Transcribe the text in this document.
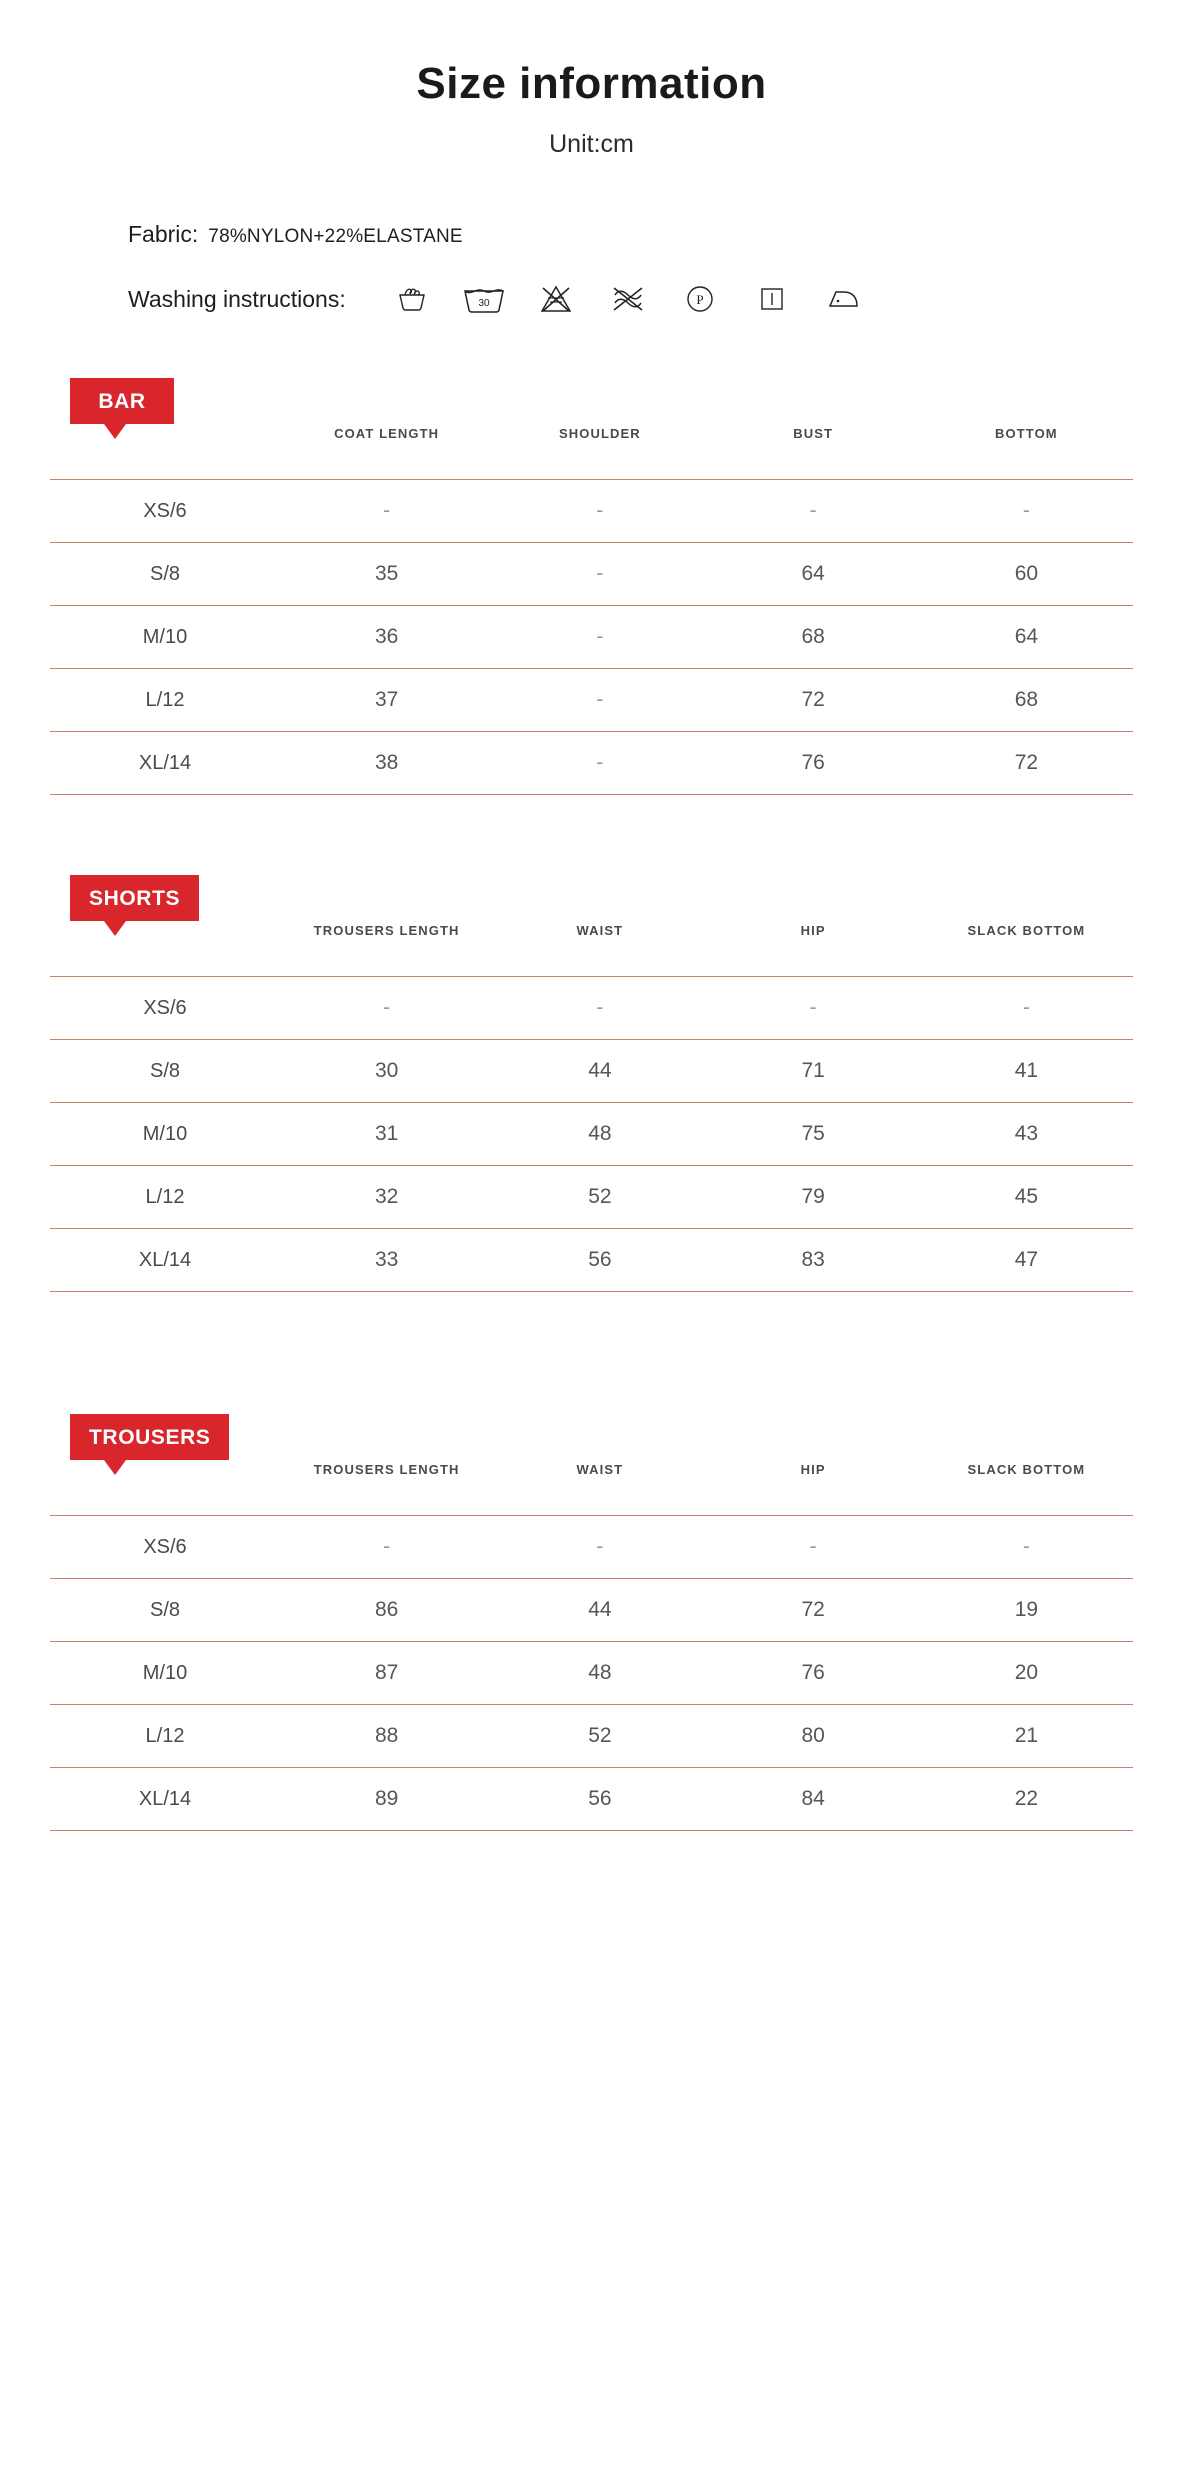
Size information
Unit:cm
Fabric: 78%NYLON+22%ELASTANE
Washing instructions:	30	P
BAR
	COAT LENGTH	SHOULDER	BUST	BOTTOM
XS/6	-	-	-	-
S/8	35	-	64	60
M/10	36	-	68	64
L/12	37	-	72	68
XL/14	38	-	76	72
SHORTS
	TROUSERS LENGTH	WAIST	HIP	SLACK BOTTOM
XS/6	-	-	-	-
S/8	30	44	71	41
M/10	31	48	75	43
L/12	32	52	79	45
XL/14	33	56	83	47
TROUSERS
	TROUSERS LENGTH	WAIST	HIP	SLACK BOTTOM
XS/6	-	-	-	-
S/8	86	44	72	19
M/10	87	48	76	20
L/12	88	52	80	21
XL/14	89	56	84	22
